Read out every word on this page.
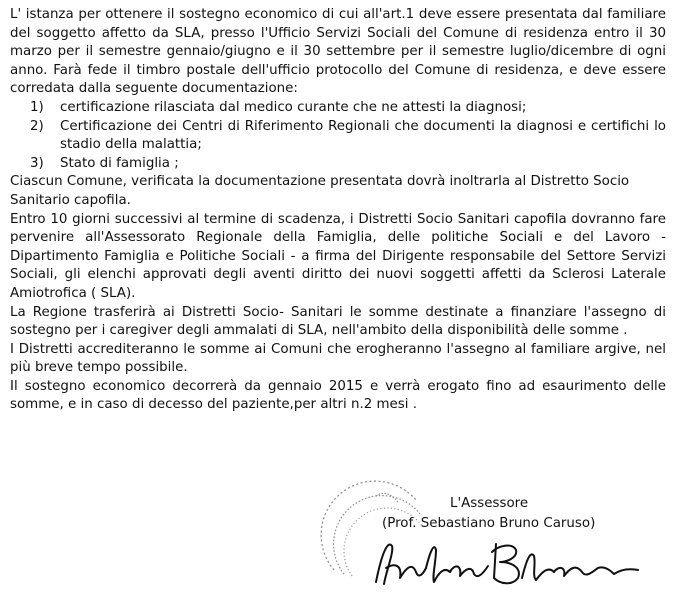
L' istanza per ottenere il sostegno economico di cui all'art.1 deve essere presentata dal familiare del soggetto affetto da SLA, presso l'Ufficio Servizi Sociali del Comune di residenza entro il 30 marzo per il semestre gennaio/giugno e il 30 settembre per il semestre luglio/dicembre di ogni anno. Farà fede il timbro postale dell'ufficio protocollo del Comune di residenza, e deve essere corredata dalla seguente documentazione:

1) certificazione rilasciata dal medico curante che ne attesti la diagnosi;
2) Certificazione dei Centri di Riferimento Regionali che documenti la diagnosi e certifichi lo stadio della malattia;
3) Stato di famiglia ;

Ciascun Comune, verificata la documentazione presentata dovrà inoltrarla al Distretto Socio Sanitario capofila.

Entro 10 giorni successivi al termine di scadenza, i Distretti Socio Sanitari capofila dovranno fare pervenire all'Assessorato Regionale della Famiglia, delle politiche Sociali e del Lavoro - Dipartimento Famiglia e Politiche Sociali - a firma del Dirigente responsabile del Settore Servizi Sociali, gli elenchi approvati degli aventi diritto dei nuovi soggetti affetti da Sclerosi Laterale Amiotrofica ( SLA).

La Regione trasferirà ai Distretti Socio- Sanitari le somme destinate a finanziare l'assegno di sostegno per i caregiver degli ammalati di SLA, nell'ambito della disponibilità delle somme .

I Distretti accrediteranno le somme ai Comuni che erogheranno l'assegno al familiare argive, nel più breve tempo possibile.

Il sostegno economico decorrerà da gennaio 2015 e verrà erogato fino ad esaurimento delle somme, e in caso di decesso del paziente,per altri n.2 mesi .

L'Assessore
(Prof. Sebastiano Bruno Caruso)
